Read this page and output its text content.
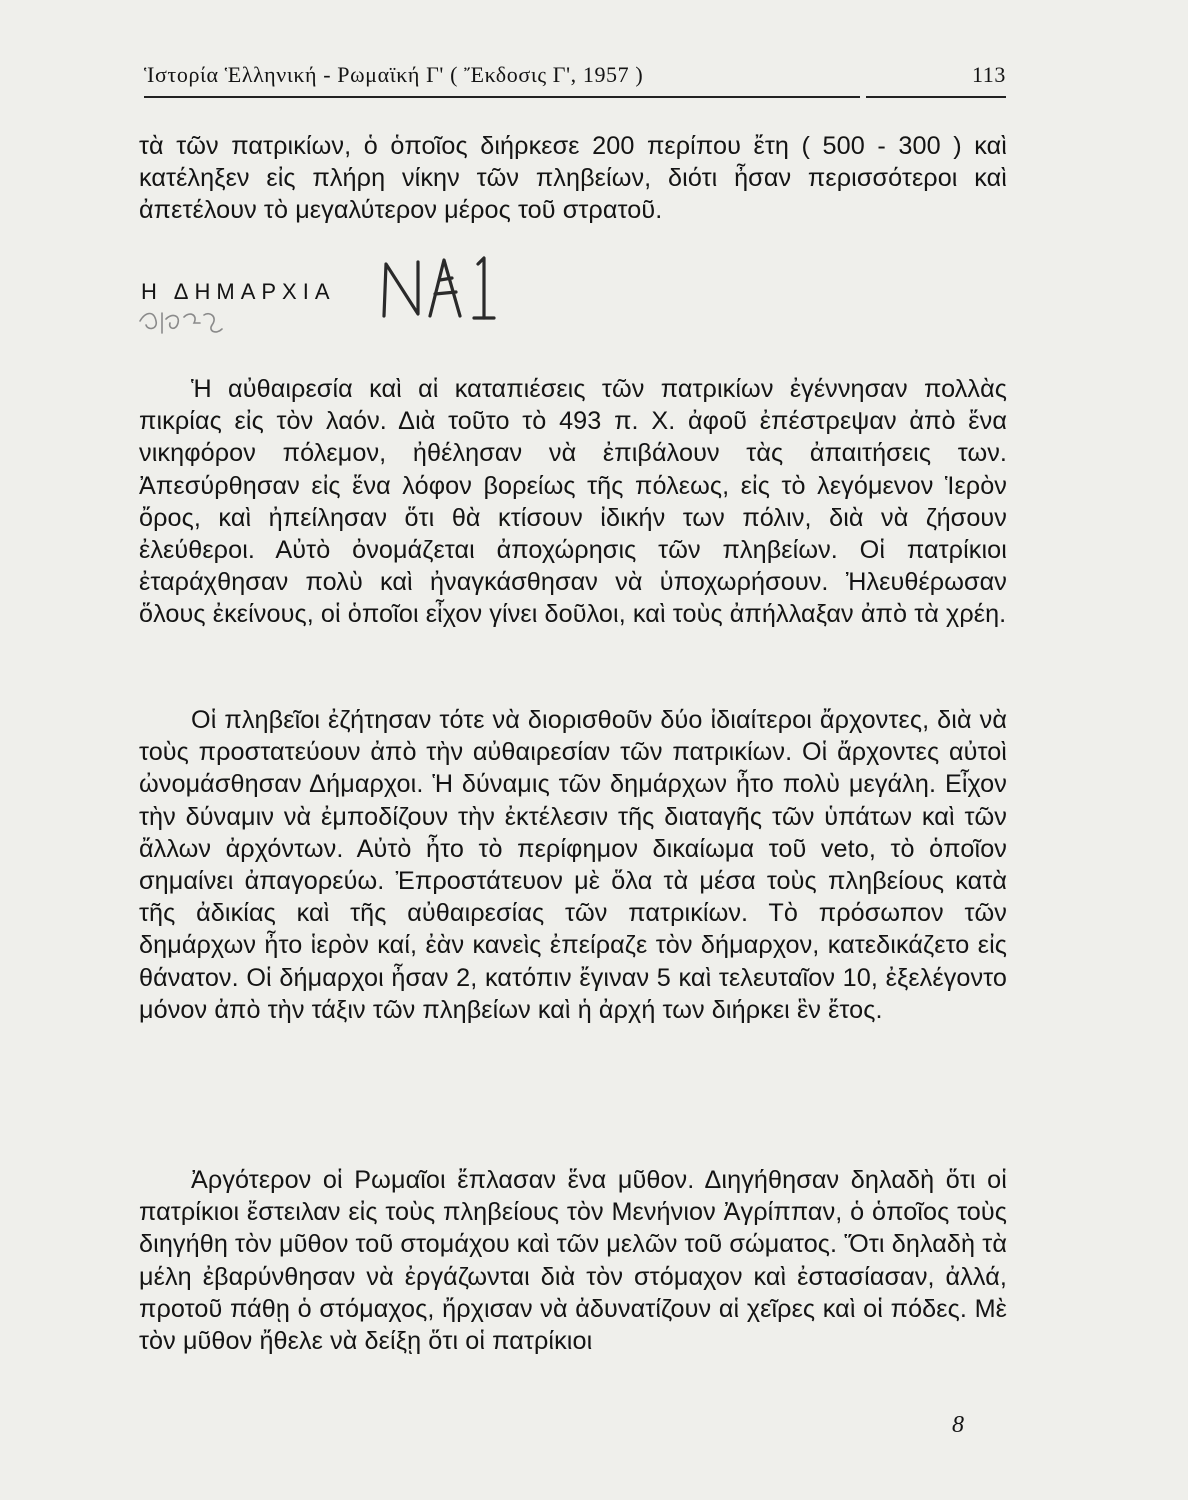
Ἱστορία Ἑλληνική - Ρωμαϊκή Γ' ( Ἔκδοσις Γ', 1957 )	113

τὰ τῶν πατρικίων, ὁ ὁποῖος διήρκεσε 200 περίπου ἔτη ( 500 - 300 ) καὶ κατέληξεν εἰς πλήρη νίκην τῶν πληβείων, διότι ἦσαν περισσότεροι καὶ ἀπετέλουν τὸ μεγαλύτερον μέρος τοῦ στρατοῦ.

Η ΔΗΜΑΡΧΙΑ

Ἡ αὐθαιρεσία καὶ αἱ καταπιέσεις τῶν πατρικίων ἐγέννησαν πολλὰς πικρίας εἰς τὸν λαόν. Διὰ τοῦτο τὸ 493 π. Χ. ἀφοῦ ἐπέστρεψαν ἀπὸ ἕνα νικηφόρον πόλεμον, ἠθέλησαν νὰ ἐπιβάλουν τὰς ἀπαιτήσεις των. Ἀπεσύρθησαν εἰς ἕνα λόφον βορείως τῆς πόλεως, εἰς τὸ λεγόμενον Ἱερὸν ὄρος, καὶ ἠπείλησαν ὅτι θὰ κτίσουν ἰδικήν των πόλιν, διὰ νὰ ζήσουν ἐλεύθεροι. Αὐτὸ ὀνομάζεται ἀποχώρησις τῶν πληβείων. Οἱ πατρίκιοι ἐταράχθησαν πολὺ καὶ ἠναγκάσθησαν νὰ ὑποχωρήσουν. Ἠλευθέρωσαν ὅλους ἐκείνους, οἱ ὁποῖοι εἶχον γίνει δοῦλοι, καὶ τοὺς ἀπήλλαξαν ἀπὸ τὰ χρέη.

Οἱ πληβεῖοι ἐζήτησαν τότε νὰ διορισθοῦν δύο ἰδιαίτεροι ἄρχοντες, διὰ νὰ τοὺς προστατεύουν ἀπὸ τὴν αὐθαιρεσίαν τῶν πατρικίων. Οἱ ἄρχοντες αὐτοὶ ὠνομάσθησαν Δήμαρχοι. Ἡ δύναμις τῶν δημάρχων ἦτο πολὺ μεγάλη. Εἶχον τὴν δύναμιν νὰ ἐμποδίζουν τὴν ἐκτέλεσιν τῆς διαταγῆς τῶν ὑπάτων καὶ τῶν ἄλλων ἀρχόντων. Αὐτὸ ἦτο τὸ περίφημον δικαίωμα τοῦ veto, τὸ ὁποῖον σημαίνει ἀπαγορεύω. Ἐπροστάτευον μὲ ὅλα τὰ μέσα τοὺς πληβείους κατὰ τῆς ἀδικίας καὶ τῆς αὐθαιρεσίας τῶν πατρικίων. Τὸ πρόσωπον τῶν δημάρχων ἦτο ἱερὸν καί, ἐὰν κανεὶς ἐπείραζε τὸν δήμαρχον, κατεδικάζετο εἰς θάνατον. Οἱ δήμαρχοι ἦσαν 2, κατόπιν ἔγιναν 5 καὶ τελευταῖον 10, ἐξελέγοντο μόνον ἀπὸ τὴν τάξιν τῶν πληβείων καὶ ἡ ἀρχή των διήρκει ἓν ἔτος.

Ἀργότερον οἱ Ρωμαῖοι ἔπλασαν ἕνα μῦθον. Διηγήθησαν δηλαδὴ ὅτι οἱ πατρίκιοι ἔστειλαν εἰς τοὺς πληβείους τὸν Μενήνιον Ἀγρίππαν, ὁ ὁποῖος τοὺς διηγήθη τὸν μῦθον τοῦ στομάχου καὶ τῶν μελῶν τοῦ σώματος. Ὅτι δηλαδὴ τὰ μέλη ἐβαρύνθησαν νὰ ἐργάζωνται διὰ τὸν στόμαχον καὶ ἐστασίασαν, ἀλλά, προτοῦ πάθῃ ὁ στόμαχος, ἤρχισαν νὰ ἀδυνατίζουν αἱ χεῖρες καὶ οἱ πόδες. Μὲ τὸν μῦθον ἤθελε νὰ δείξῃ ὅτι οἱ πατρίκιοι

8
